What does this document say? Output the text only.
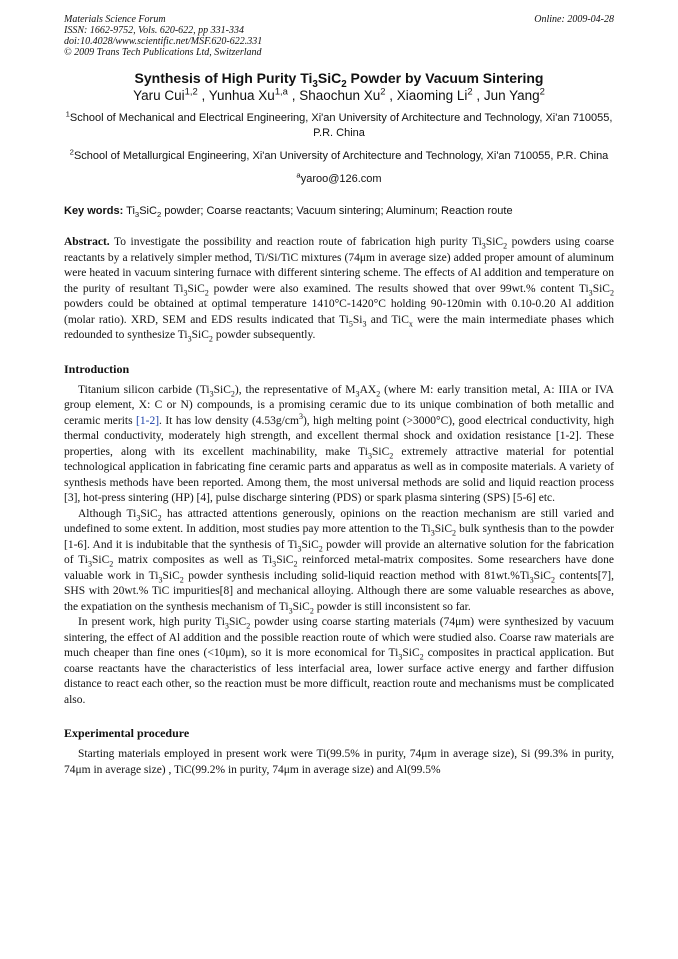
Materials Science Forum	Online: 2009-04-28
ISSN: 1662-9752, Vols. 620-622, pp 331-334
doi:10.4028/www.scientific.net/MSF.620-622.331
© 2009 Trans Tech Publications Ltd, Switzerland
Synthesis of High Purity $Ti_3SiC_2$ Powder by Vacuum Sintering
Yaru Cui$^{1,2}$ , Yunhua Xu$^{1,a}$ , Shaochun Xu$^2$ , Xiaoming Li$^2$ , Jun Yang$^2$
$^1$School of Mechanical and Electrical Engineering, Xi'an University of Architecture and Technology, Xi'an 710055, P.R. China
$^2$School of Metallurgical Engineering, Xi'an University of Architecture and Technology, Xi'an 710055, P.R. China
$^a$yaroo@126.com
Key words: $Ti_3SiC_2$ powder; Coarse reactants; Vacuum sintering; Aluminum; Reaction route
Abstract. To investigate the possibility and reaction route of fabrication high purity $Ti_3SiC_2$ powders using coarse reactants by a relatively simpler method, Ti/Si/TiC mixtures (74μm in average size) added proper amount of aluminum were heated in vacuum sintering furnace with different sintering scheme. The effects of Al addition and temperature on the purity of resultant $Ti_3SiC_2$ powder were also examined. The results showed that over 99wt.% content $Ti_3SiC_2$ powders could be obtained at optimal temperature 1410°C-1420°C holding 90-120min with 0.10-0.20 Al addition (molar ratio). XRD, SEM and EDS results indicated that $Ti_5Si_3$ and TiC$_x$ were the main intermediate phases which redounded to synthesize $Ti_3SiC_2$ powder subsequently.
Introduction

Titanium silicon carbide $(Ti_3SiC_2)$, the representative of $M_3AX_2$ (where M: early transition metal, A: IIIA or IVA group element, X: C or N) compounds, is a promising ceramic due to its unique combination of both metallic and ceramic merits [1-2]. It has low density $(4.53g/cm^3)$, high melting point (>3000°C), good electrical conductivity, high thermal conductivity, moderately high strength, and excellent thermal shock and oxidation resistance [1-2]. These properties, along with its excellent machinability, make $Ti_3SiC_2$ extremely attractive material for potential technological application in fabricating fine ceramic parts and apparatus as well as in composite materials. A variety of synthesis methods have been reported. Among them, the most universal methods are solid and liquid reaction process [3], hot-press sintering (HP) [4], pulse discharge sintering (PDS) or spark plasma sintering (SPS) [5-6] etc.

Although $Ti_3SiC_2$ has attracted attentions generously, opinions on the reaction mechanism are still varied and undefined to some extent. In addition, most studies pay more attention to the $Ti_3SiC_2$ bulk synthesis than to the powder [1-6]. And it is indubitable that the synthesis of $Ti_3SiC_2$ powder will provide an alternative solution for the fabrication of $Ti_3SiC_2$ matrix composites as well as $Ti_3SiC_2$ reinforced metal-matrix composites. Some researchers have done valuable work in $Ti_3SiC_2$ powder synthesis including solid-liquid reaction method with $81wt.\%Ti_3SiC_2$ contents[7], SHS with 20wt.% TiC impurities[8] and mechanical alloying. Although there are some valuable researches as above, the expatiation on the synthesis mechanism of $Ti_3SiC_2$ powder is still inconsistent so far.

In present work, high purity $Ti_3SiC_2$ powder using coarse starting materials (74μm) were synthesized by vacuum sintering, the effect of Al addition and the possible reaction route of which were studied also. Coarse raw materials are much cheaper than fine ones (<10μm), so it is more economical for $Ti_3SiC_2$ composites in practical application. But coarse reactants have the characteristics of less interfacial area, lower surface active energy and farther diffusion distance to react each other, so the reaction must be more difficult, reaction route and mechanisms must be complicated also.

Experimental procedure

Starting materials employed in present work were Ti(99.5% in purity, 74μm in average size), Si (99.3% in purity, 74μm in average size) , TiC(99.2% in purity, 74μm in average size) and Al(99.5%
